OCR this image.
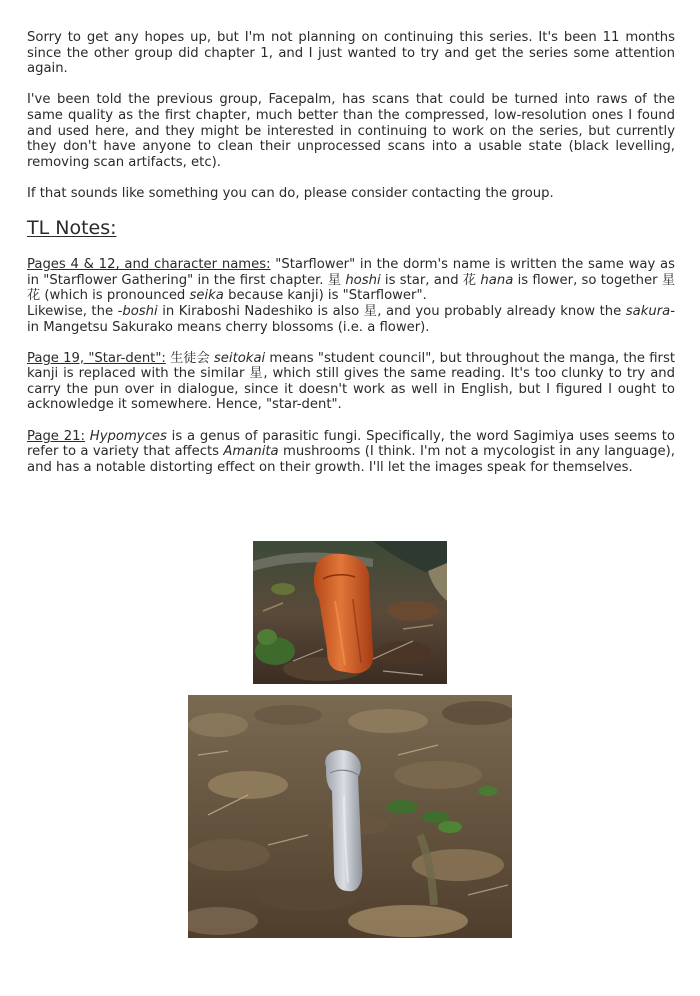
Sorry to get any hopes up, but I'm not planning on continuing this series. It's been 11 months since the other group did chapter 1, and I just wanted to try and get the series some attention again.

I've been told the previous group, Facepalm, has scans that could be turned into raws of the same quality as the first chapter, much better than the compressed, low-resolution ones I found and used here, and they might be interested in continuing to work on the series, but currently they don't have anyone to clean their unprocessed scans into a usable state (black levelling, removing scan artifacts, etc).

If that sounds like something you can do, please consider contacting the group.

TL Notes:

Pages 4 & 12, and character names: "Starflower" in the dorm's name is written the same way as in "Starflower Gathering" in the first chapter. 星 hoshi is star, and 花 hana is flower, so together 星花 (which is pronounced seika because kanji) is "Starflower".
Likewise, the -boshi in Kiraboshi Nadeshiko is also 星, and you probably already know the sakura- in Mangetsu Sakurako means cherry blossoms (i.e. a flower).

Page 19, "Star-dent": 生徒会 seitokai means "student council", but throughout the manga, the first kanji is replaced with the similar 星, which still gives the same reading. It's too clunky to try and carry the pun over in dialogue, since it doesn't work as well in English, but I figured I ought to acknowledge it somewhere. Hence, "star-dent".

Page 21: Hypomyces is a genus of parasitic fungi. Specifically, the word Sagimiya uses seems to refer to a variety that affects Amanita mushrooms (I think. I'm not a mycologist in any language), and has a notable distorting effect on their growth. I'll let the images speak for themselves.
